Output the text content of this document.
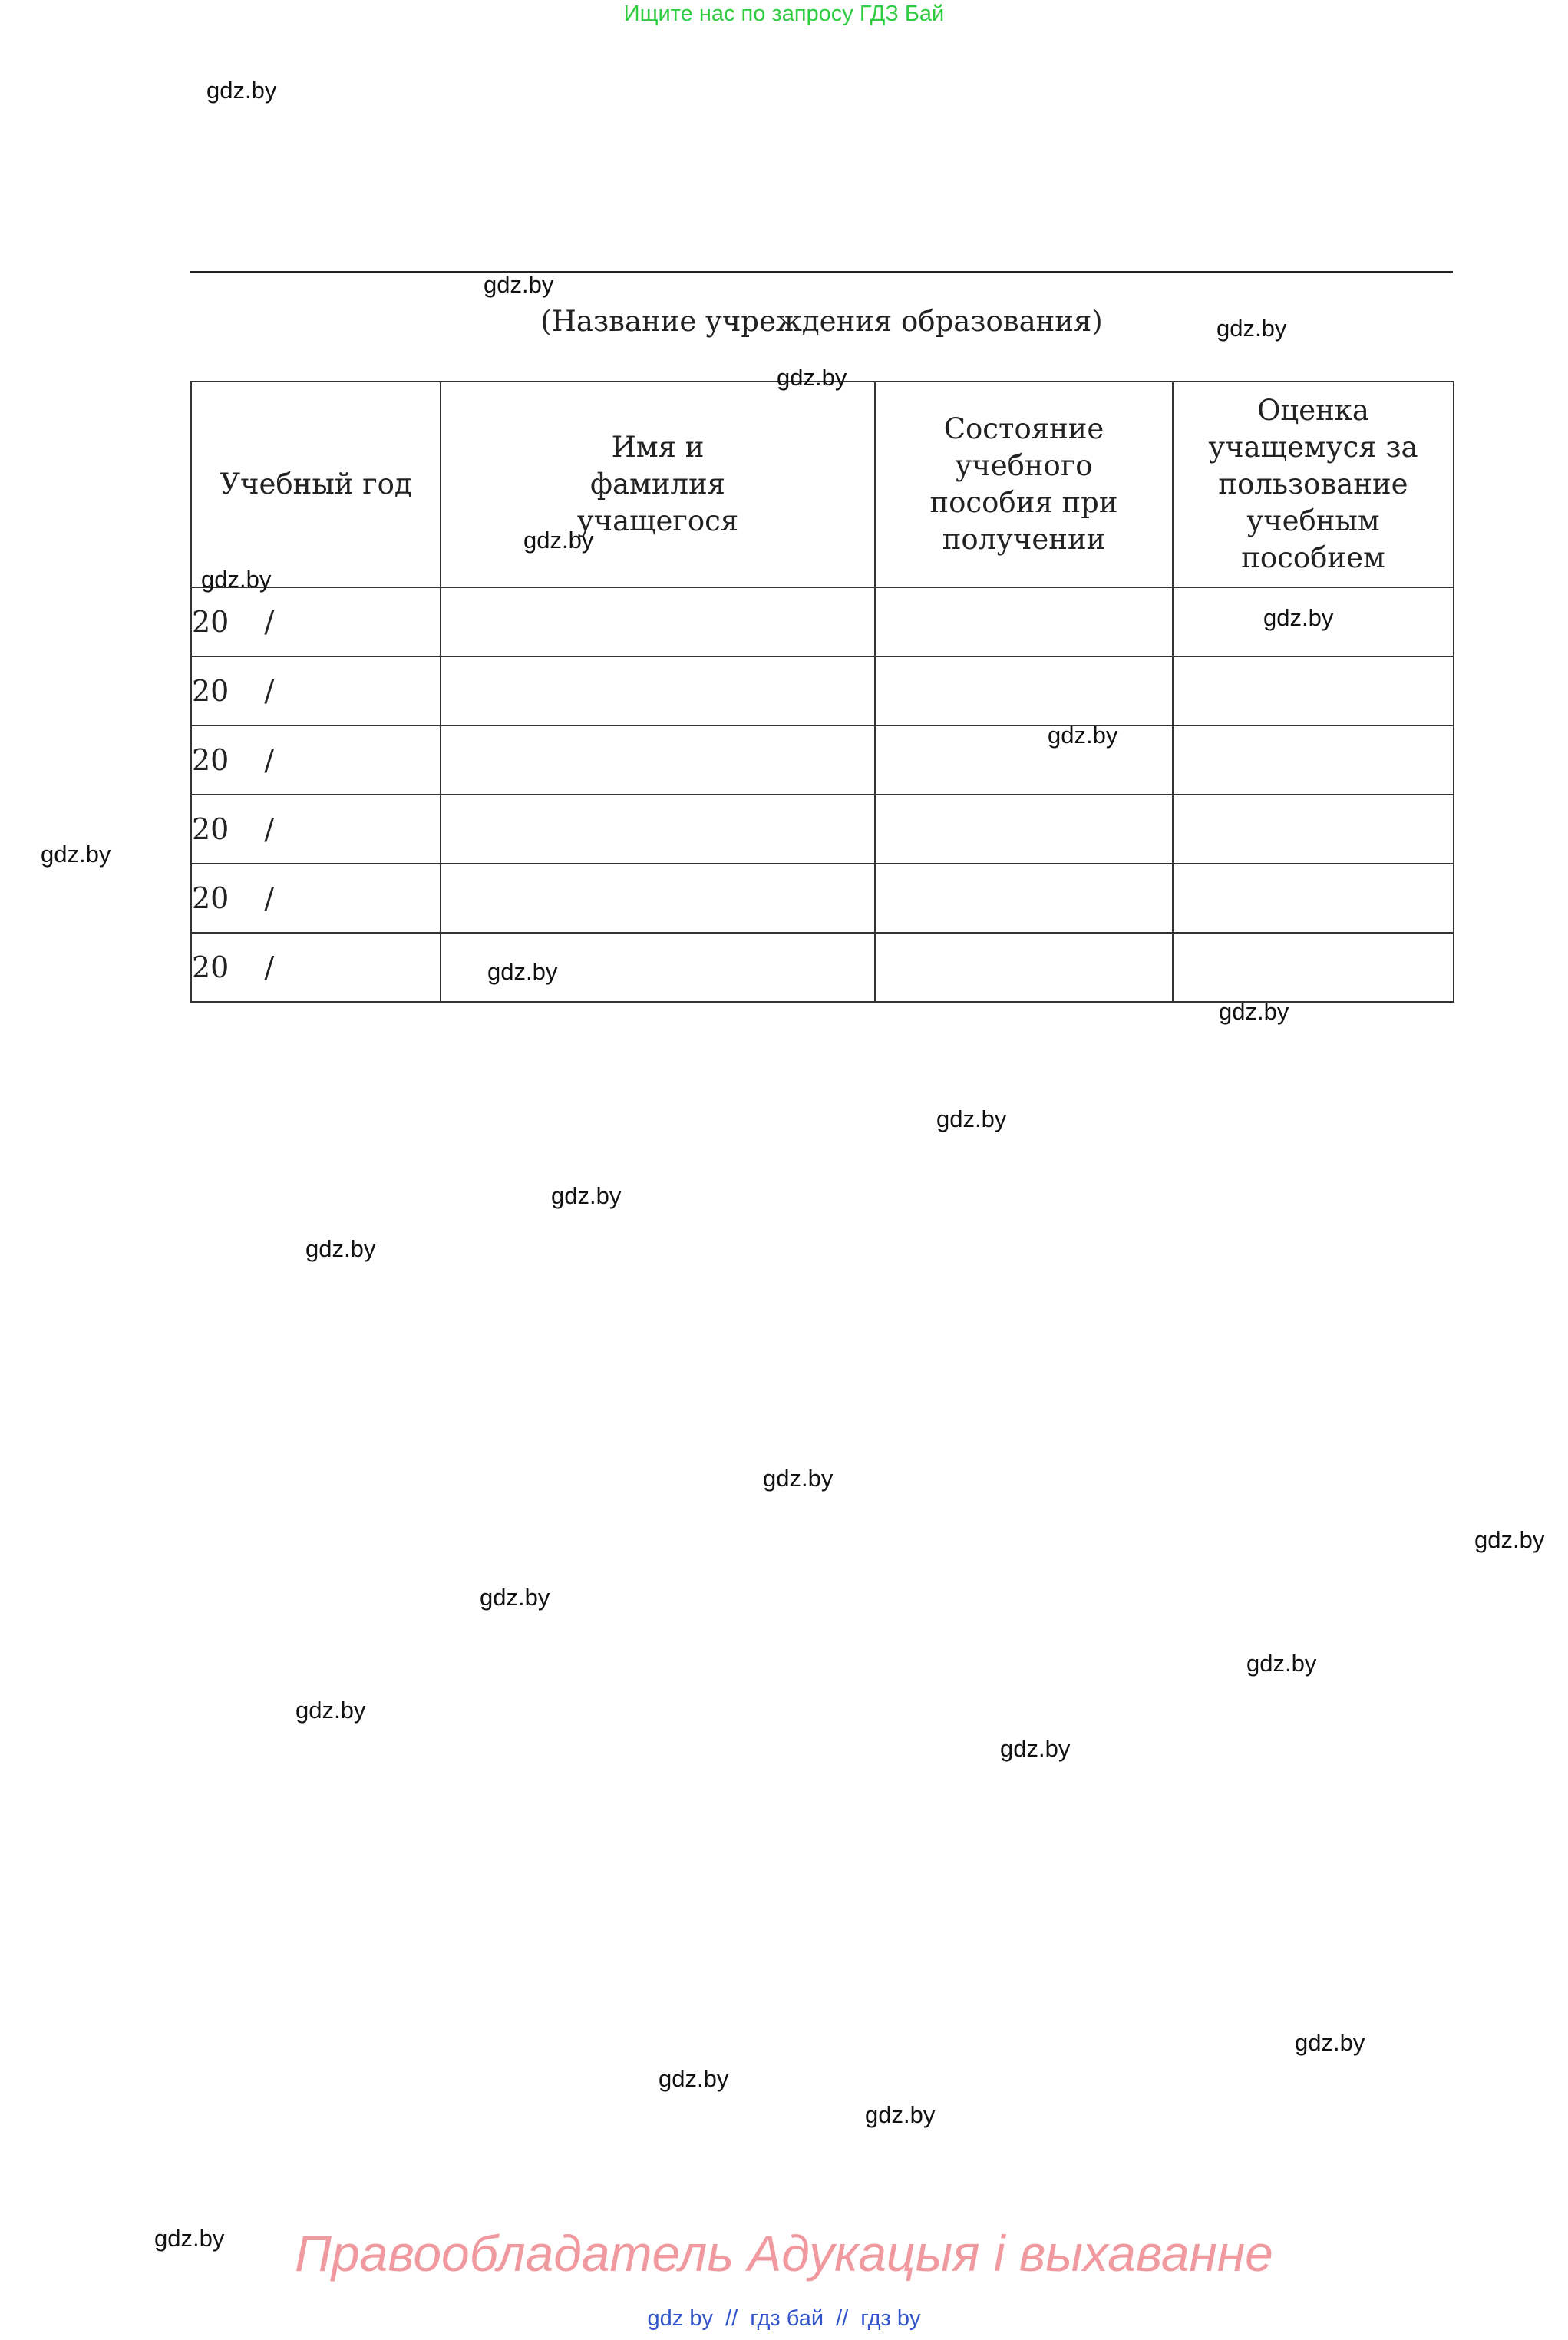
Ищите нас по запросу ГДЗ Бай
(Название учреждения образования)
Учебный год	Имя и фамилия учащегося	Состояние учебного пособия при получении	Оценка учащемуся за пользование учебным пособием

20 /			
20 /			
20 /			
20 /			
20 /			
20 /			
gdz.by
gdz.by
gdz.by
gdz.by
gdz.by
gdz.by
gdz.by
gdz.by
gdz.by
gdz.by
gdz.by
gdz.by
gdz.by
gdz.by
gdz.by
gdz.by
gdz.by
gdz.by
gdz.by
gdz.by
gdz.by
gdz.by
gdz.by
gdz.by	Правообладатель Адукацыя і выхаванне
gdz by // гдз бай // гдз by
